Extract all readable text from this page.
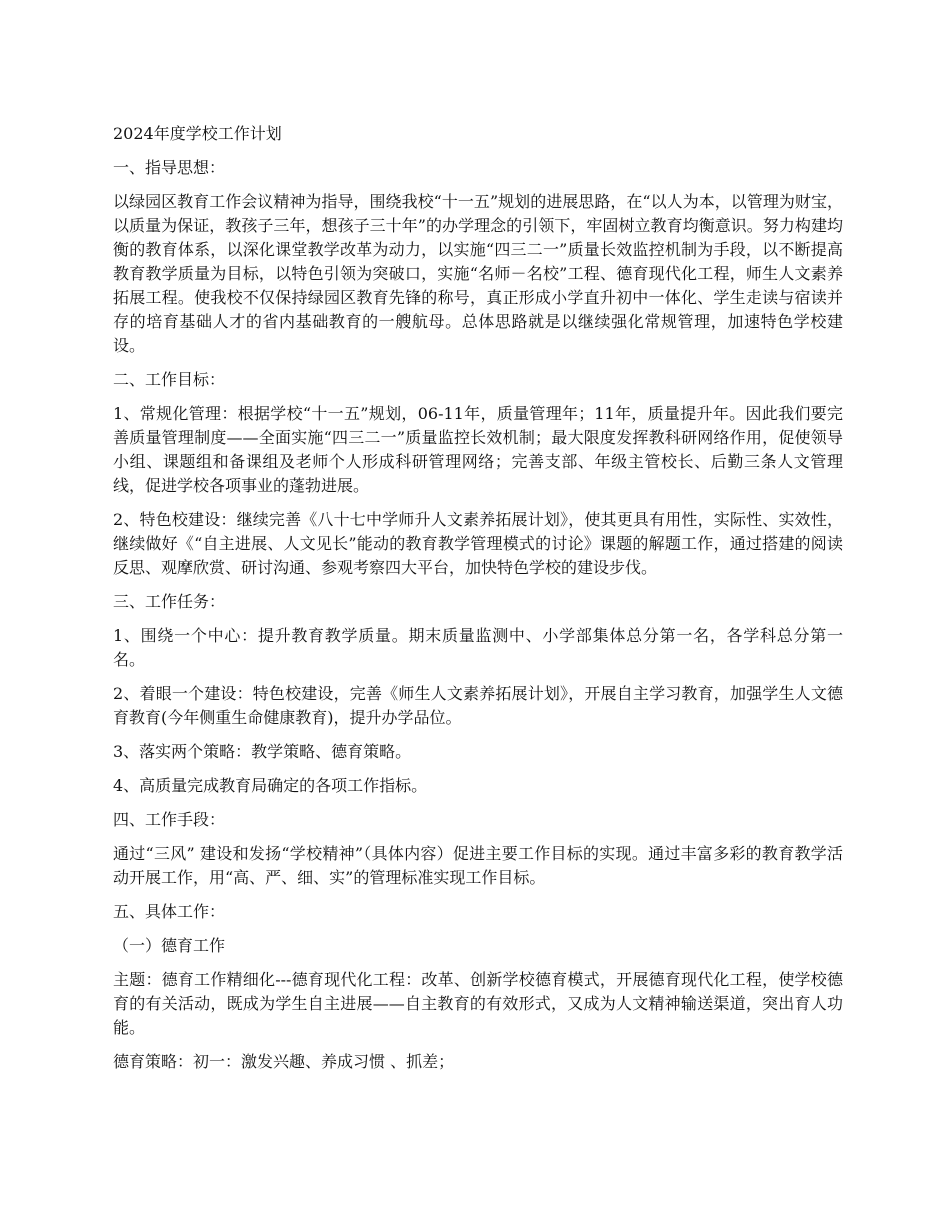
2024年度学校工作计划

一、指导思想：

以绿园区教育工作会议精神为指导，围绕我校“十一五”规划的进展思路，在“以人为本，以管理为财宝，以质量为保证，教孩子三年，想孩子三十年”的办学理念的引领下，牢固树立教育均衡意识。努力构建均衡的教育体系，以深化课堂教学改革为动力，以实施“四三二一”质量长效监控机制为手段，以不断提高教育教学质量为目标，以特色引领为突破口，实施“名师－名校”工程、德育现代化工程，师生人文素养拓展工程。使我校不仅保持绿园区教育先锋的称号，真正形成小学直升初中一体化、学生走读与宿读并存的培育基础人才的省内基础教育的一艘航母。总体思路就是以继续强化常规管理，加速特色学校建设。

二、工作目标：

1、常规化管理：根据学校“十一五”规划，06-11年，质量管理年；11年，质量提升年。因此我们要完善质量管理制度——全面实施“四三二一”质量监控长效机制；最大限度发挥教科研网络作用，促使领导小组、课题组和备课组及老师个人形成科研管理网络；完善支部、年级主管校长、后勤三条人文管理线，促进学校各项事业的蓬勃进展。

2、特色校建设：继续完善《八十七中学师升人文素养拓展计划》，使其更具有用性，实际性、实效性，继续做好《“自主进展、人文见长”能动的教育教学管理模式的讨论》课题的解题工作，通过搭建的阅读反思、观摩欣赏、研讨沟通、参观考察四大平台，加快特色学校的建设步伐。

三、工作任务：

1、围绕一个中心：提升教育教学质量。期末质量监测中、小学部集体总分第一名，各学科总分第一名。

2、着眼一个建设：特色校建设，完善《师生人文素养拓展计划》，开展自主学习教育，加强学生人文德育教育(今年侧重生命健康教育)，提升办学品位。

3、落实两个策略：教学策略、德育策略。

4、高质量完成教育局确定的各项工作指标。

四、工作手段：

通过“三风” 建设和发扬“学校精神”（具体内容）促进主要工作目标的实现。通过丰富多彩的教育教学活动开展工作，用“高、严、细、实”的管理标准实现工作目标。

五、具体工作：

（一）德育工作

主题：德育工作精细化---德育现代化工程：改革、创新学校德育模式，开展德育现代化工程，使学校德育的有关活动，既成为学生自主进展——自主教育的有效形式，又成为人文精神输送渠道，突出育人功能。

德育策略：初一：激发兴趣、养成习惯 、抓差；
